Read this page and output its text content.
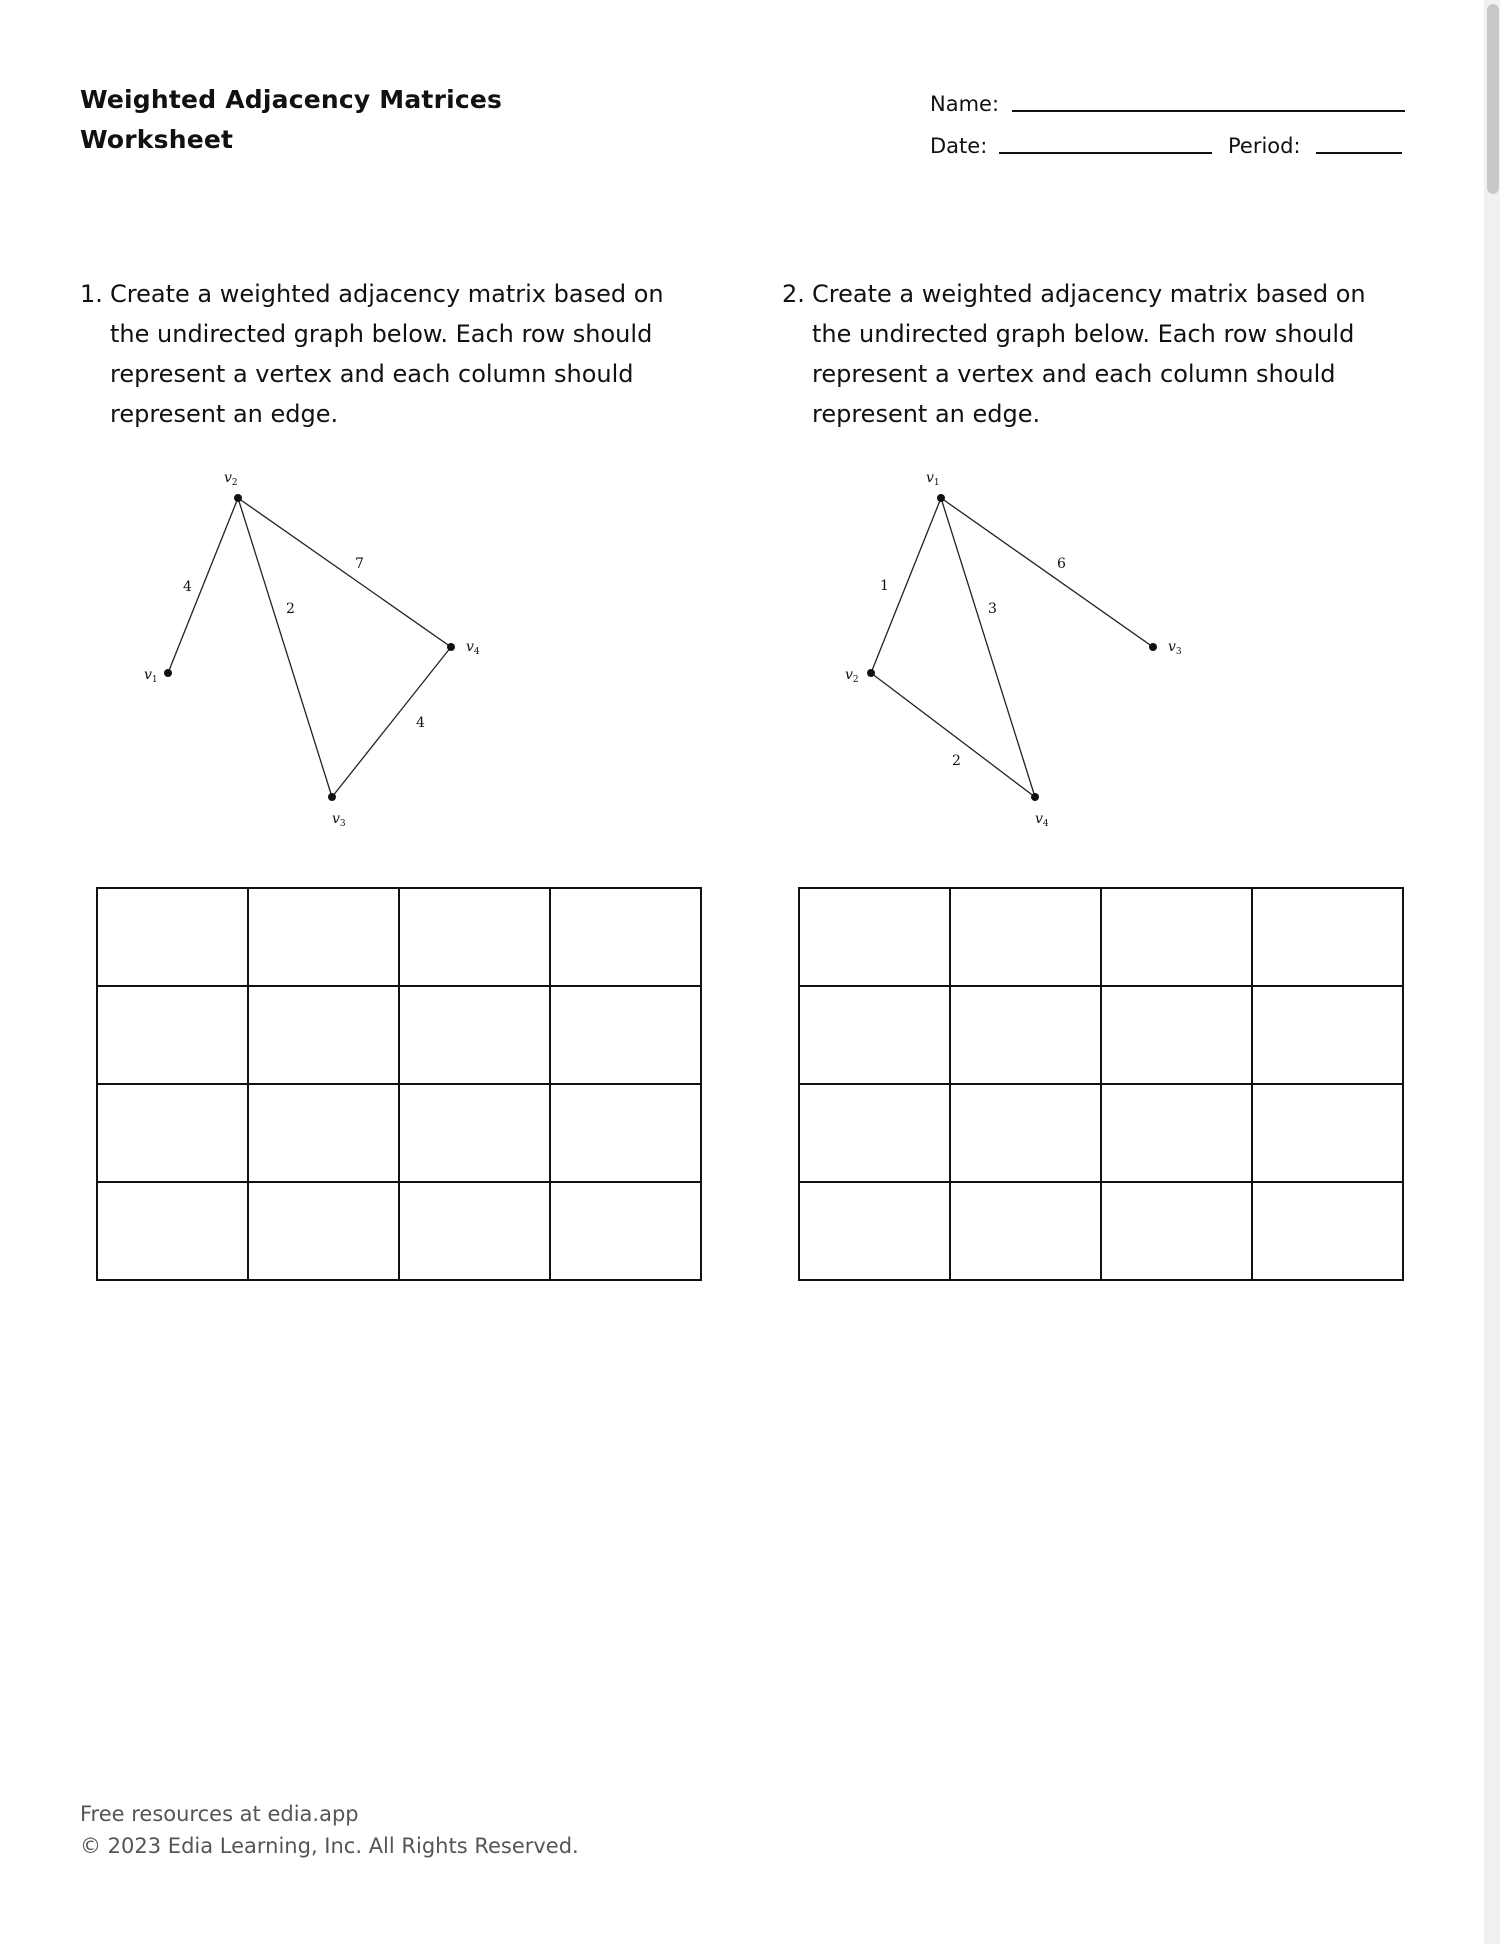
Weighted Adjacency Matrices
Worksheet
Name:
Date:	Period:
1. Create a weighted adjacency matrix based on the undirected graph below. Each row should represent a vertex and each column should represent an edge.
4
2
7
4
$v_1$
$v_2$
$v_3$
$v_4$

2. Create a weighted adjacency matrix based on the undirected graph below. Each row should represent a vertex and each column should represent an edge.
1
3
6
2
$v_1$
$v_2$
$v_3$
$v_4$

Free resources at edia.app
© 2023 Edia Learning, Inc. All Rights Reserved.
